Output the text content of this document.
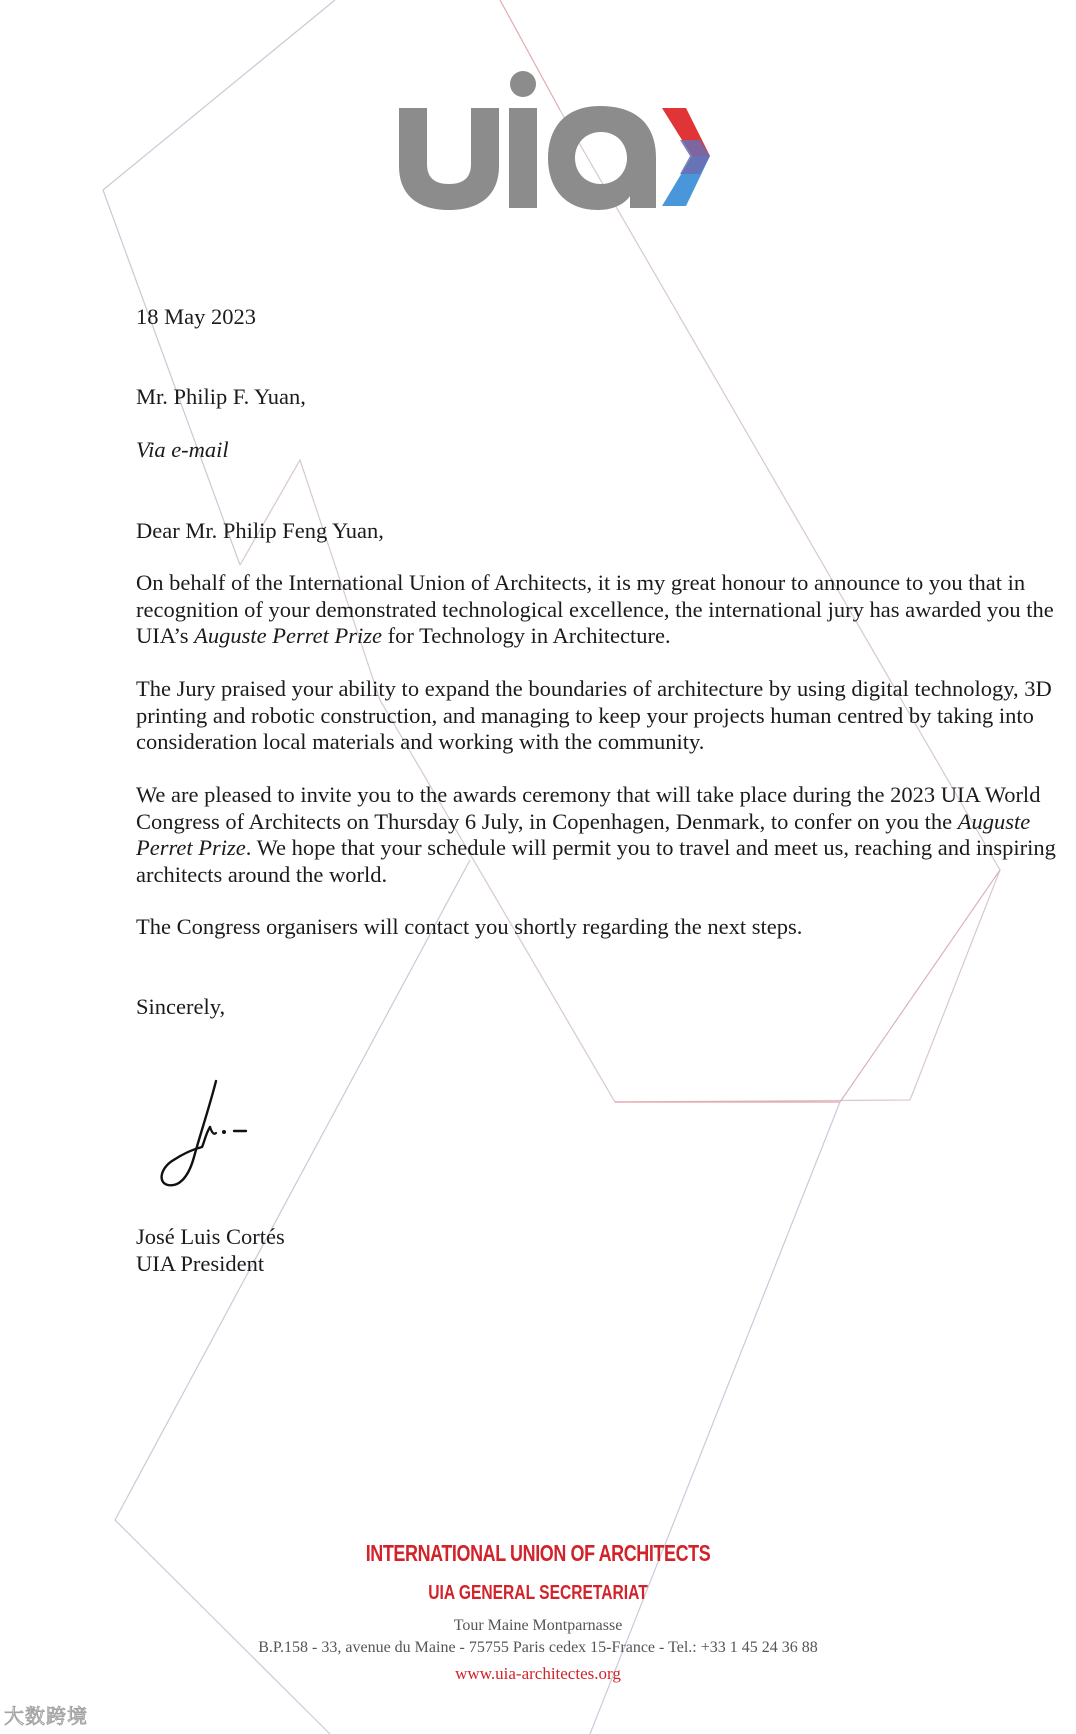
18 May 2023
Mr. Philip F. Yuan,
Via e-mail
Dear Mr. Philip Feng Yuan,

On behalf of the International Union of Architects, it is my great honour to announce to you that in recognition of your demonstrated technological excellence, the international jury has awarded you the UIA’s Auguste Perret Prize for Technology in Architecture.

The Jury praised your ability to expand the boundaries of architecture by using digital technology, 3D printing and robotic construction, and managing to keep your projects human centred by taking into consideration local materials and working with the community.

We are pleased to invite you to the awards ceremony that will take place during the 2023 UIA World Congress of Architects on Thursday 6 July, in Copenhagen, Denmark, to confer on you the Auguste Perret Prize. We hope that your schedule will permit you to travel and meet us, reaching and inspiring architects around the world.

The Congress organisers will contact you shortly regarding the next steps.

Sincerely,
José Luis Cortés
UIA President
INTERNATIONAL UNION OF ARCHITECTS
UIA GENERAL SECRETARIAT
Tour Maine Montparnasse
B.P.158 - 33, avenue du Maine - 75755 Paris cedex 15-France - Tel.: +33 1 45 24 36 88
www.uia-architectes.org
大数跨境
